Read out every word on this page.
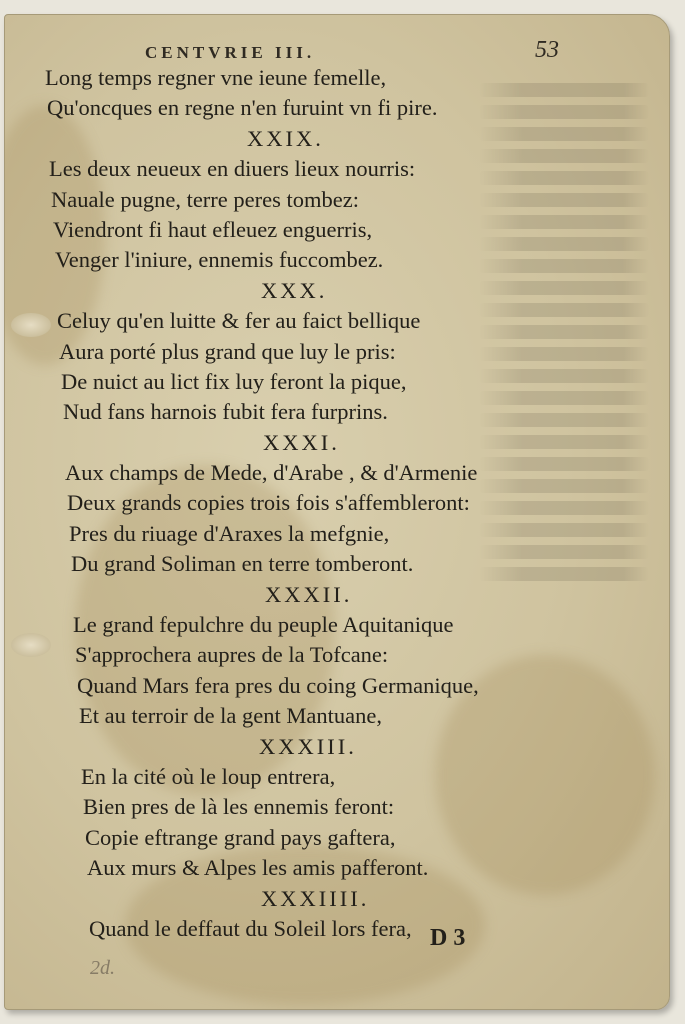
CENTVRIE III.	53
Long temps regner vne ieune femelle,
Qu'oncques en regne n'en furuint vn fi pire.
XXIX.
Les deux neueux en diuers lieux nourris:
Nauale pugne, terre peres tombez:
Viendront fi haut efleuez enguerris,
Venger l'iniure, ennemis fuccombez.
XXX.
Celuy qu'en luitte & fer au faict bellique
Aura porté plus grand que luy le pris:
De nuict au lict fix luy feront la pique,
Nud fans harnois fubit fera furprins.
XXXI.
Aux champs de Mede, d'Arabe , & d'Armenie
Deux grands copies trois fois s'affembleront:
Pres du riuage d'Araxes la mefgnie,
Du grand Soliman en terre tomberont.
XXXII.
Le grand fepulchre du peuple Aquitanique
S'approchera aupres de la Tofcane:
Quand Mars fera pres du coing Germanique,
Et au terroir de la gent Mantuane,
XXXIII.
En la cité où le loup entrera,
Bien pres de là les ennemis feront:
Copie eftrange grand pays gaftera,
Aux murs & Alpes les amis pafferont.
XXXIIII.
Quand le deffaut du Soleil lors fera, D 3
2d.
